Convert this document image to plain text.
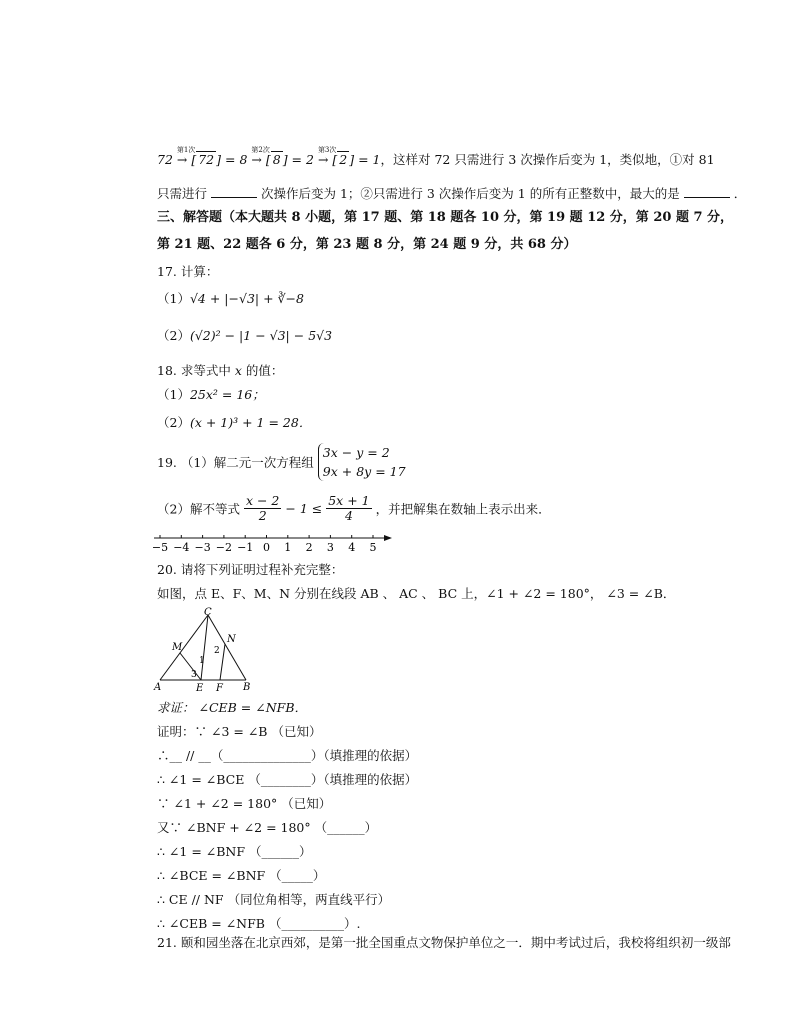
72 →
第1次
[ 72 ] = 8 →
第2次
[ 8 ] = 2 →
第3次
[ 2 ] = 1，这样对 72 只需进行 3 次操作后变为 1，类似地，①对 81
只需进行	次操作后变为 1；②只需进行 3 次操作后变为 1 的所有正整数中，最大的是	．
三、解答题（本大题共 8 小题，第 17 题、第 18 题各 10 分，第 19 题 12 分，第 20 题 7 分，
第 21 题、22 题各 6 分，第 23 题 8 分，第 24 题 9 分，共 68 分）
17. 计算：
（1）√4 + |−√3| + ∛−8
（2）(√2)² − |1 − √3| − 5√3
18. 求等式中 x 的值：
（1）25x² = 16；
（2）(x + 1)³ + 1 = 28．
19. （1）解二元一次方程组
3x − y = 2
9x + 8y = 17
（2）解不等式 $\frac{x - 2}{2} - 1 \le \frac{5x + 1}{4}$ ，并把解集在数轴上表示出来．
−5 −4 −3 −2 −1 0 1 2 3 4 5
20. 请将下列证明过程补充完整：
如图，点 E、F、M、N 分别在线段 AB 、 AC 、 BC 上，∠1 + ∠2 = 180°， ∠3 = ∠B．
C
M
N
A	E F B
1
2
3
求证： ∠CEB = ∠NFB．
证明：∵ ∠3 = ∠B （已知）
∴__ // __（______________）（填推理的依据）
∴ ∠1 = ∠BCE （________）（填推理的依据）
∵ ∠1 + ∠2 = 180° （已知）
又∵ ∠BNF + ∠2 = 180° （______）
∴ ∠1 = ∠BNF （______）
∴ ∠BCE = ∠BNF （_____）
∴ CE // NF （同位角相等，两直线平行）
∴ ∠CEB = ∠NFB （__________）.
21. 颐和园坐落在北京西郊，是第一批全国重点文物保护单位之一．期中考试过后，我校将组织初一级部
